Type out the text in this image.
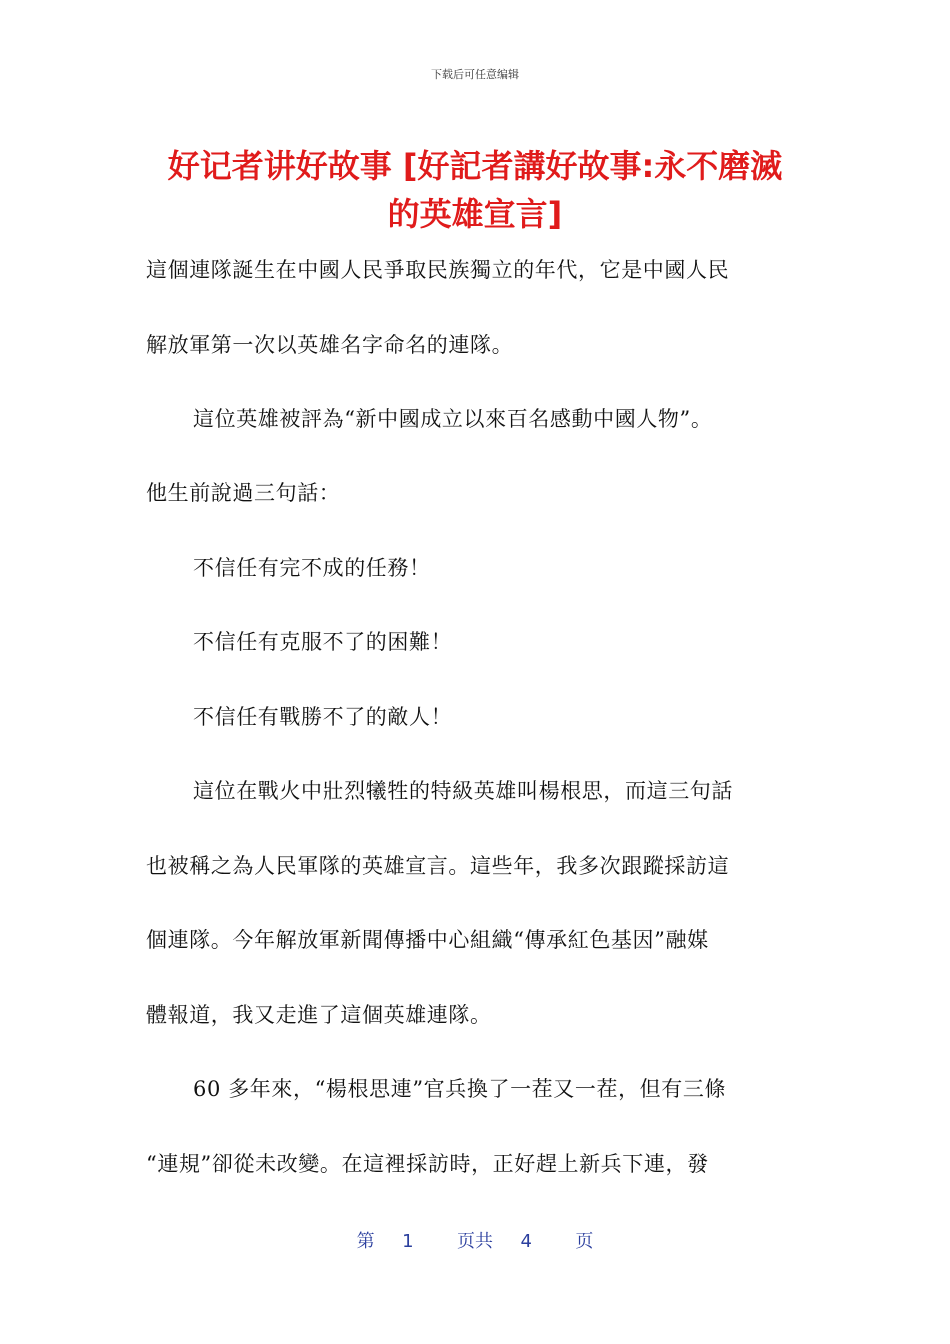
下载后可任意编辑
好记者讲好故事 [好記者講好故事:永不磨滅
的英雄宣言]
這個連隊誕生在中國人民爭取民族獨立的年代，它是中國人民
解放軍第一次以英雄名字命名的連隊。
這位英雄被評為“新中國成立以來百名感動中國人物”。
他生前說過三句話：
不信任有完不成的任務！
不信任有克服不了的困難！
不信任有戰勝不了的敵人！
這位在戰火中壯烈犧牲的特級英雄叫楊根思，而這三句話
也被稱之為人民軍隊的英雄宣言。這些年，我多次跟蹤採訪這
個連隊。今年解放軍新聞傳播中心組織“傳承紅色基因”融媒
體報道，我又走進了這個英雄連隊。
60 多年來，“楊根思連”官兵換了一茬又一茬，但有三條
“連規”卻從未改變。在這裡採訪時，正好趕上新兵下連，發
第 1 页共 4 页
